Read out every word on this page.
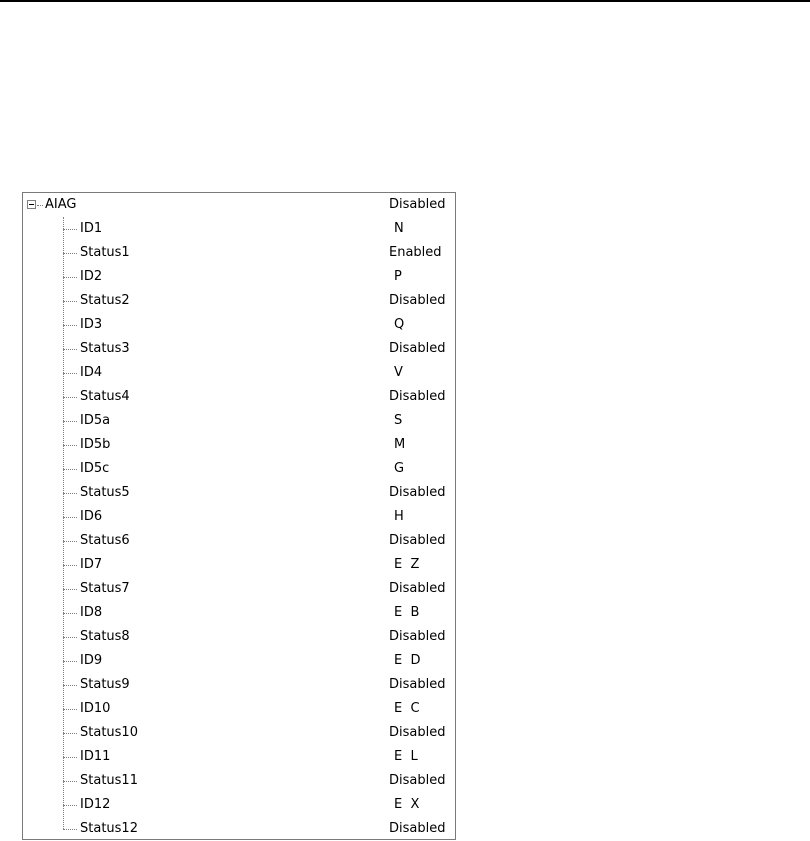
AIAG	Disabled
ID1	N
Status1	Enabled
ID2	P
Status2	Disabled
ID3	Q
Status3	Disabled
ID4	V
Status4	Disabled
ID5a	S
ID5b	M
ID5c	G
Status5	Disabled
ID6	H
Status6	Disabled
ID7	E  Z
Status7	Disabled
ID8	E  B
Status8	Disabled
ID9	E  D
Status9	Disabled
ID10	E  C
Status10	Disabled
ID11	E  L
Status11	Disabled
ID12	E  X
Status12	Disabled
